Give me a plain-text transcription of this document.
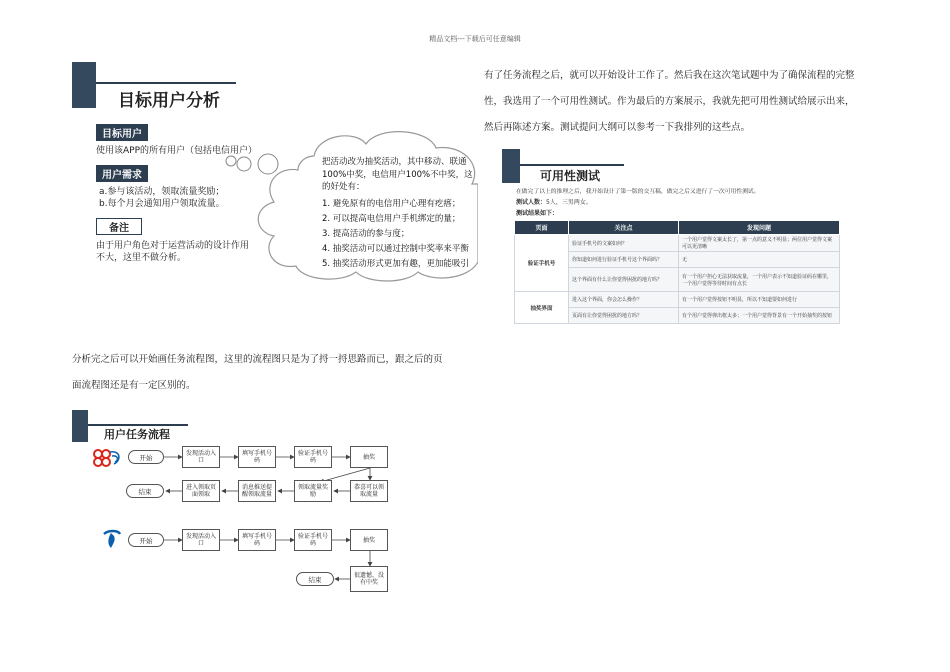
精品文档---下载后可任意编辑
目标用户分析
目标用户
使用该APP的所有用户（包括电信用户）
用户需求
a.参与该活动，领取流量奖励；
b.每个月会通知用户领取流量。
备注
由于用户角色对于运营活动的设计作用
不大，这里不做分析。
把活动改为抽奖活动，其中移动、联通
100%中奖，电信用户100%不中奖，这
的好处有：
1. 避免原有的电信用户心理有疙瘩；
2. 可以提高电信用户手机绑定的量；
3. 提高活动的参与度；
4. 抽奖活动可以通过控制中奖率来平衡
5. 抽奖活动形式更加有趣，更加能吸引
有了任务流程之后，就可以开始设计工作了。然后我在这次笔试题中为了确保流程的完整
性，我选用了一个可用性测试。作为最后的方案展示，我就先把可用性测试给展示出来，
然后再陈述方案。测试提问大纲可以参考一下我排列的这些点。
可用性测试
在做完了以上的推理之后，我开始设计了第一版的交互稿，做完之后又进行了一次可用性测试。
测试人数：5人，三男两女。
测试结果如下：
页面	关注点	发现问题
验证手机号	验证手机号的文案如何？	一个用户觉得文案太长了，第一点的意义不明显；两位用户觉得文案可以更清晰
	你知道如何进行验证手机号这个界面吗？	无
	这个界面有什么让你觉得困扰的地方吗？	有一个用户担心无法获取流量，一个用户表示不知道验证码在哪里，一个用户觉得等待时间有点长
抽奖界面	进入这个界面，你会怎么操作？	有一个用户觉得按钮不明显，所以不知道要如何进行
	页面有让你觉得困扰的地方吗？	有个用户觉得弹出框太多；一个用户觉得背景有一个开始抽奖的按钮
分析完之后可以开始画任务流程图，这里的流程图只是为了捋一捋思路而已，跟之后的页
面流程图还是有一定区别的。
用户任务流程
开始	发现活动入口
填写手机号码
验证手机号码	抽奖
结束	进入领取页面领取
消息推送提醒领取流量
领取流量奖励
恭喜可以领取流量
开始	发现活动入口
填写手机号码
验证手机号码	抽奖
结束	很遗憾，没有中奖
